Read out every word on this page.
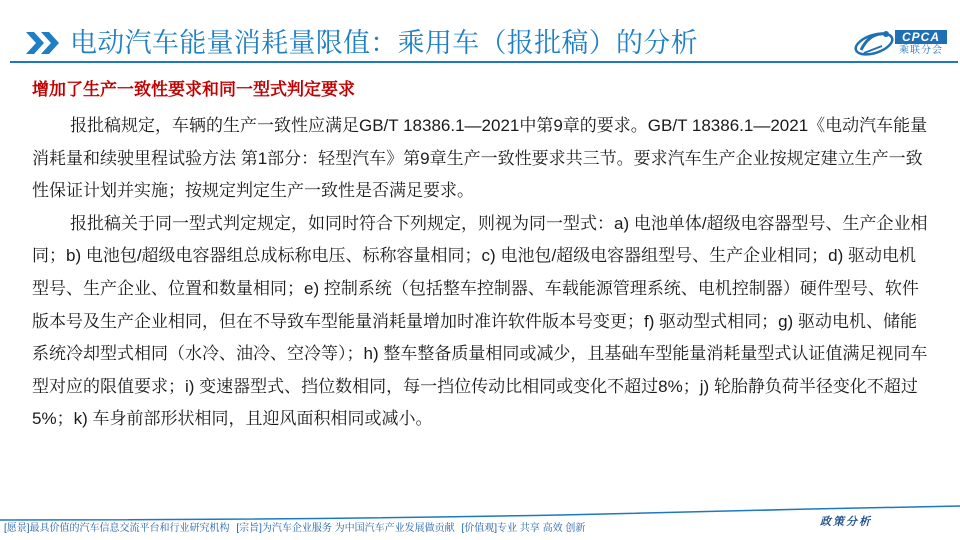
电动汽车能量消耗量限值：乘用车（报批稿）的分析	CPCA
乘联分会
增加了生产一致性要求和同一型式判定要求

报批稿规定，车辆的生产一致性应满足GB/T 18386.1—2021中第9章的要求。GB/T 18386.1—2021《电动汽车能量消耗量和续驶里程试验方法 第1部分：轻型汽车》第9章生产一致性要求共三节。要求汽车生产企业按规定建立生产一致性保证计划并实施；按规定判定生产一致性是否满足要求。

报批稿关于同一型式判定规定，如同时符合下列规定，则视为同一型式：a) 电池单体/超级电容器型号、生产企业相同；b) 电池包/超级电容器组总成标称电压、标称容量相同；c) 电池包/超级电容器组型号、生产企业相同；d) 驱动电机型号、生产企业、位置和数量相同；e) 控制系统（包括整车控制器、车载能源管理系统、电机控制器）硬件型号、软件版本号及生产企业相同，但在不导致车型能量消耗量增加时准许软件版本号变更；f) 驱动型式相同；g) 驱动电机、储能系统冷却型式相同（水冷、油冷、空冷等）；h) 整车整备质量相同或减少，且基础车型能量消耗量型式认证值满足视同车型对应的限值要求；i) 变速器型式、挡位数相同，每一挡位传动比相同或变化不超过8%；j) 轮胎静负荷半径变化不超过5%；k) 车身前部形状相同，且迎风面积相同或减小。

政策分析
[愿景]最具价值的汽车信息交流平台和行业研究机构 [宗旨]为汽车企业服务 为中国汽车产业发展做贡献 [价值观]专业 共享 高效 创新
